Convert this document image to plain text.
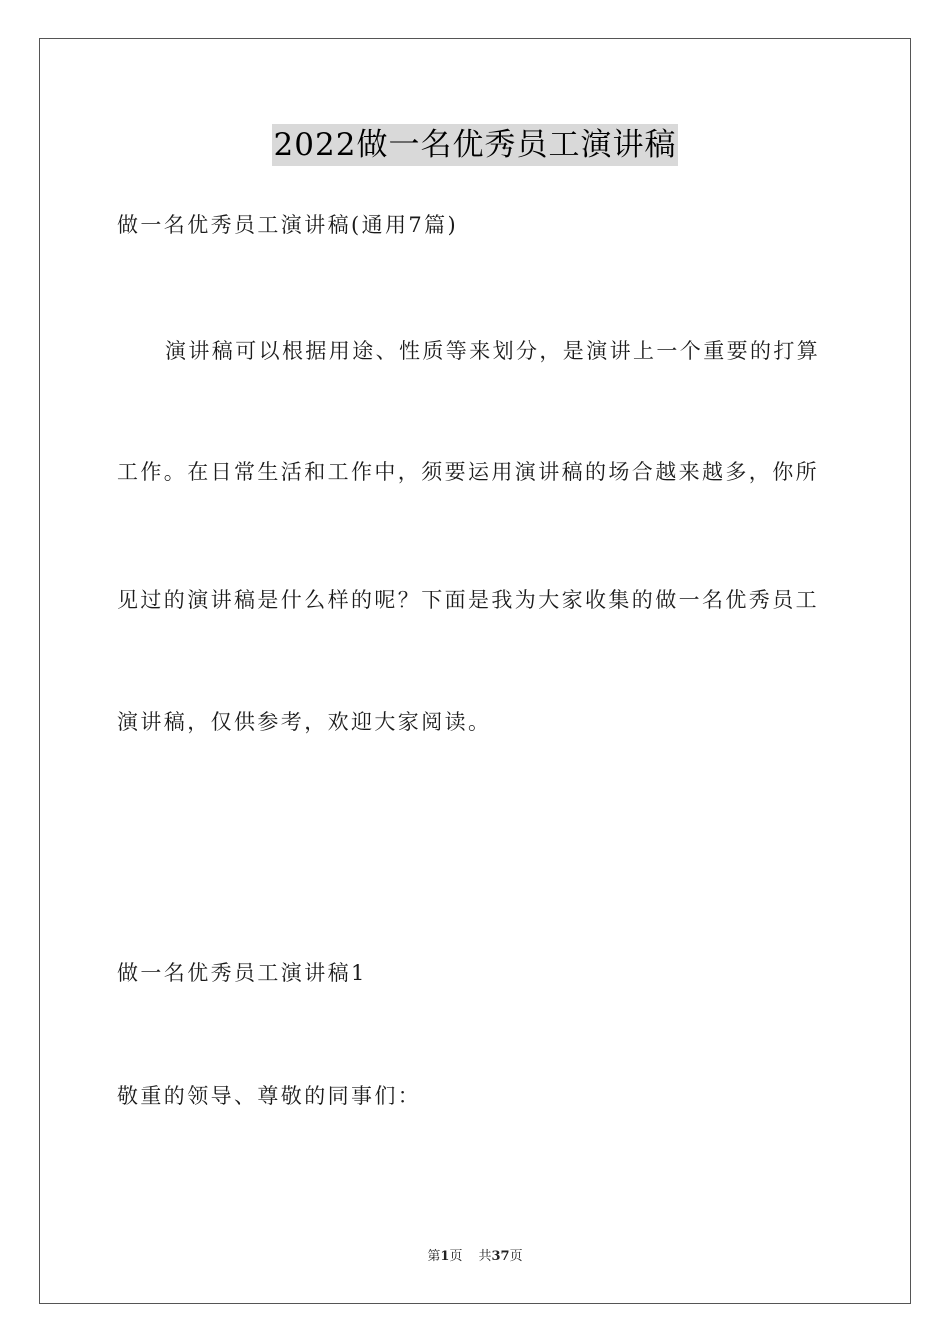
2022做一名优秀员工演讲稿
做一名优秀员工演讲稿(通用7篇)
演讲稿可以根据用途、性质等来划分，是演讲上一个重要的打算
工作。在日常生活和工作中，须要运用演讲稿的场合越来越多，你所
见过的演讲稿是什么样的呢？下面是我为大家收集的做一名优秀员工
演讲稿，仅供参考，欢迎大家阅读。
做一名优秀员工演讲稿1
敬重的领导、尊敬的同事们：
第1页 共37页
